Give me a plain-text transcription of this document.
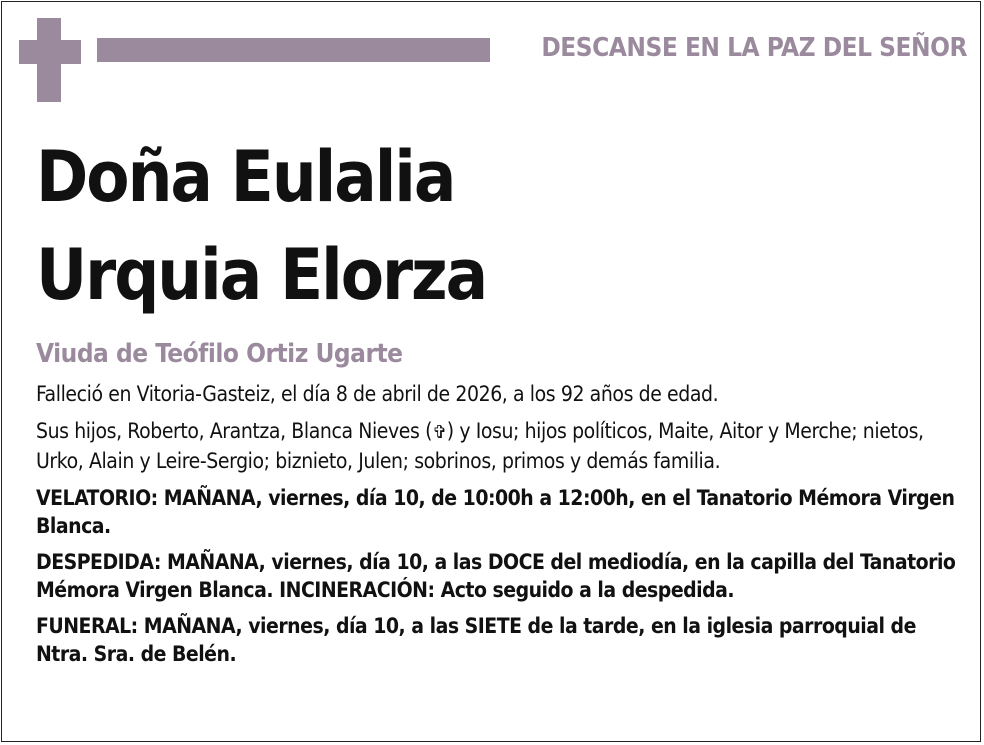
DESCANSE EN LA PAZ DEL SEÑOR
Doña Eulalia
Urquia Elorza
Viuda de Teófilo Ortiz Ugarte

Falleció en Vitoria-Gasteiz, el día 8 de abril de 2026, a los 92 años de edad.

Sus hijos, Roberto, Arantza, Blanca Nieves (✞) y Iosu; hijos políticos, Maite, Aitor y Merche; nietos, Urko, Alain y Leire-Sergio; biznieto, Julen; sobrinos, primos y demás familia.

VELATORIO: MAÑANA, viernes, día 10, de 10:00h a 12:00h, en el Tanatorio Mémora Virgen Blanca.

DESPEDIDA: MAÑANA, viernes, día 10, a las DOCE del mediodía, en la capilla del Tanatorio Mémora Virgen Blanca. INCINERACIÓN: Acto seguido a la despedida.

FUNERAL: MAÑANA, viernes, día 10, a las SIETE de la tarde, en la iglesia parroquial de Ntra. Sra. de Belén.
